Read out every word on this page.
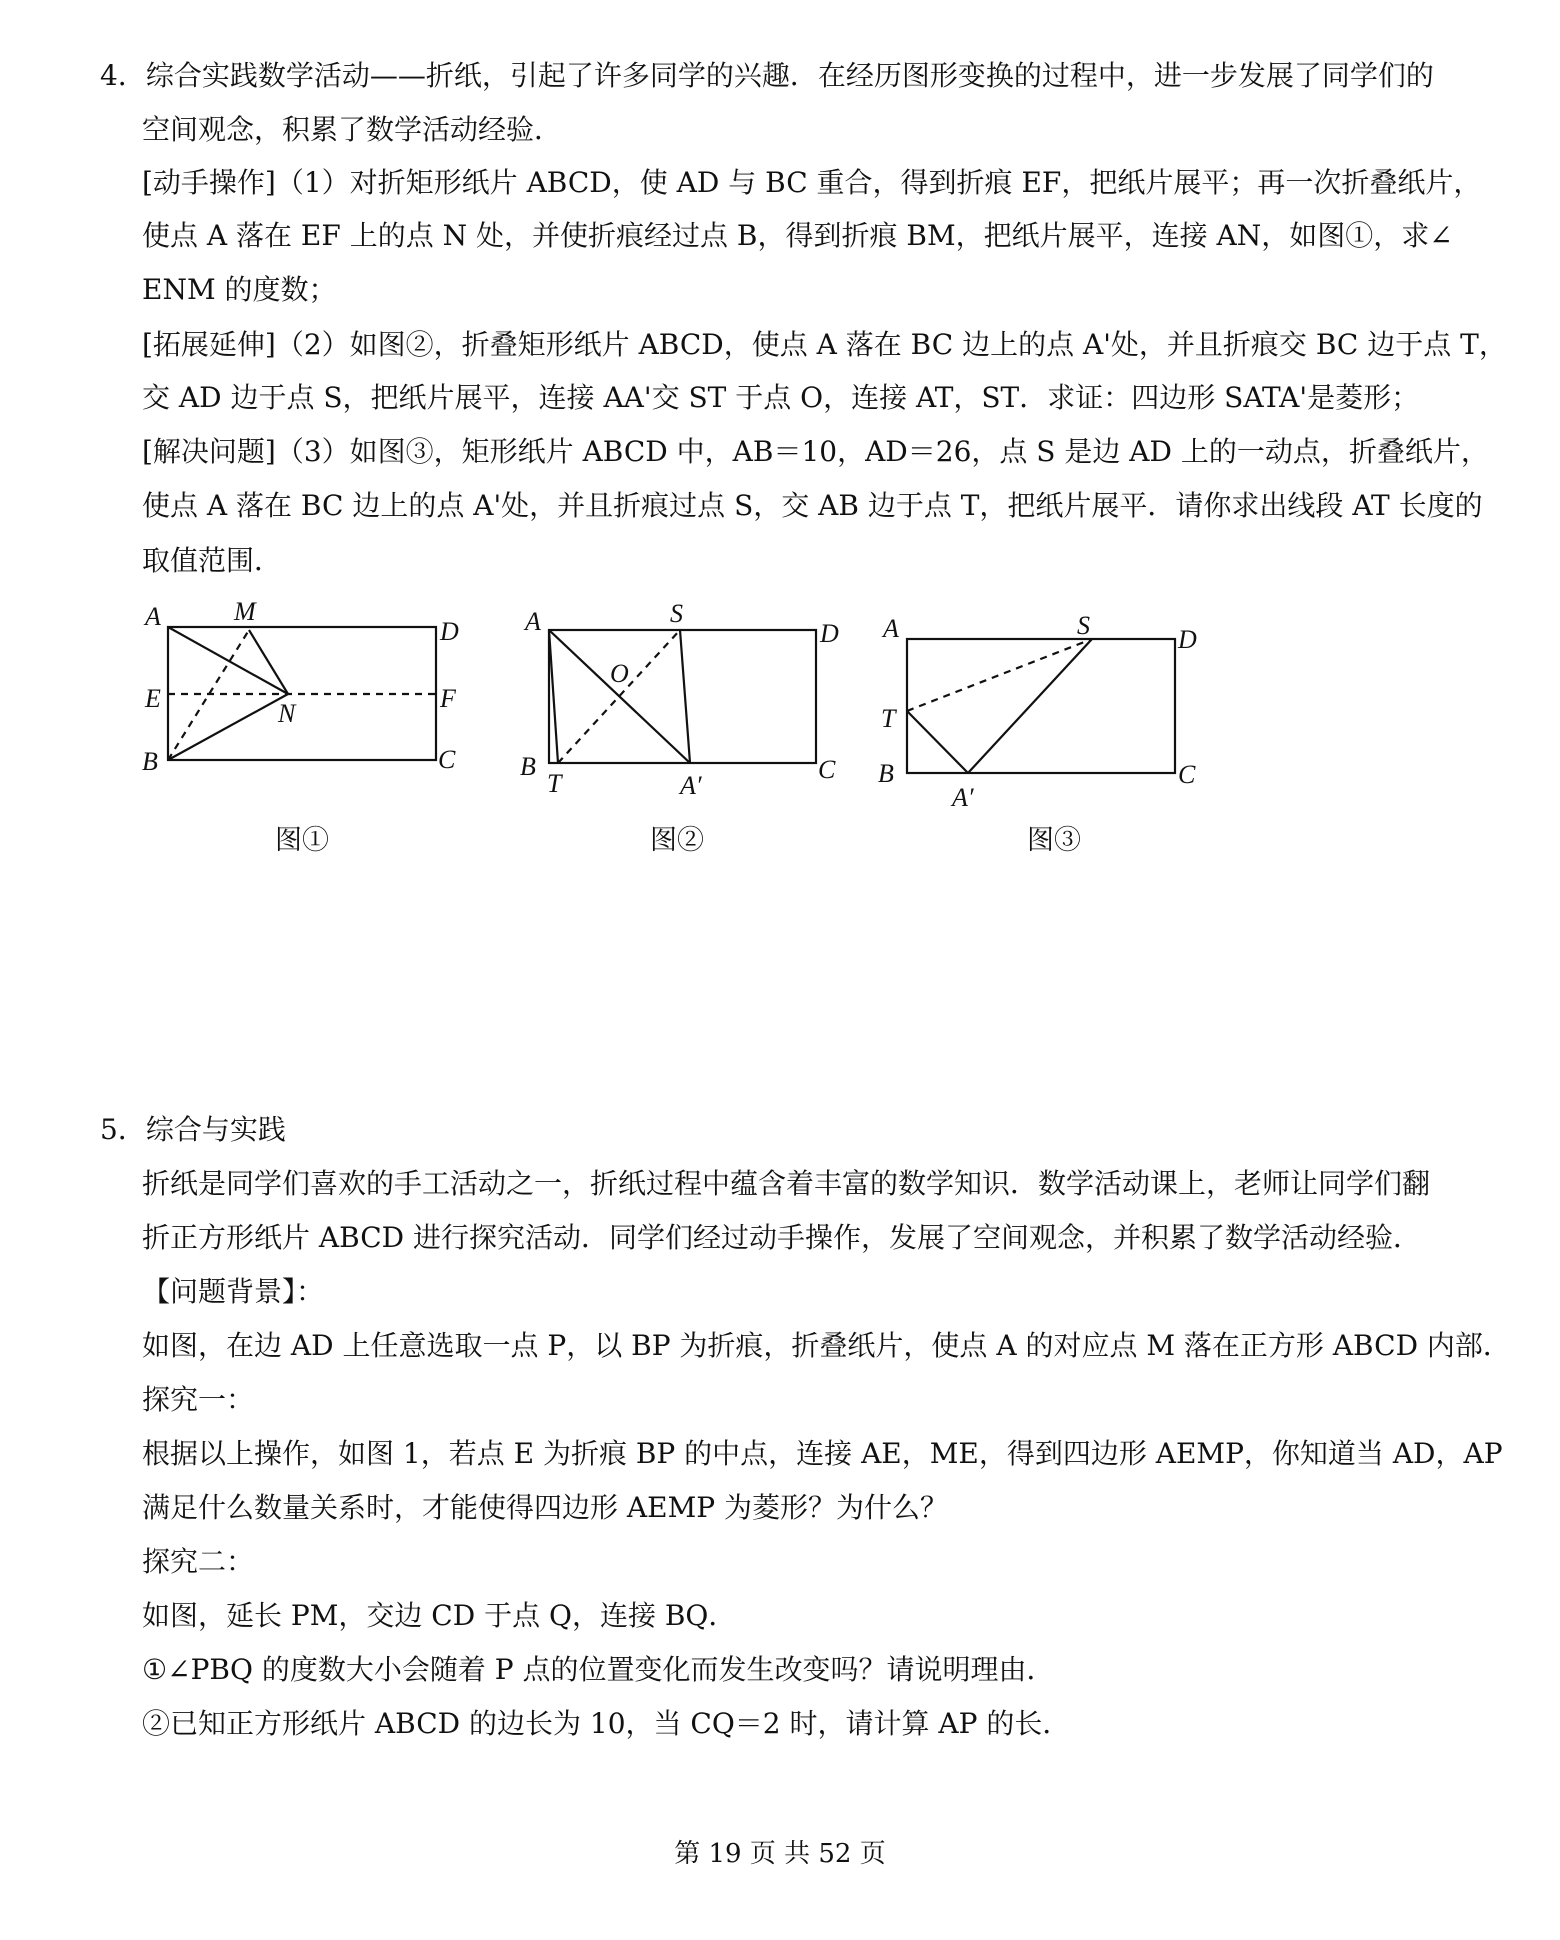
4．综合实践数学活动——折纸，引起了许多同学的兴趣．在经历图形变换的过程中，进一步发展了同学们的
空间观念，积累了数学活动经验．
[动手操作]（1）对折矩形纸片 ABCD，使 AD 与 BC 重合，得到折痕 EF，把纸片展平；再一次折叠纸片，
使点 A 落在 EF 上的点 N 处，并使折痕经过点 B，得到折痕 BM，把纸片展平，连接 AN，如图①，求∠
ENM 的度数；
[拓展延伸]（2）如图②，折叠矩形纸片 ABCD，使点 A 落在 BC 边上的点 A'处，并且折痕交 BC 边于点 T，
交 AD 边于点 S，把纸片展平，连接 AA'交 ST 于点 O，连接 AT，ST．求证：四边形 SATA'是菱形；
[解决问题]（3）如图③，矩形纸片 ABCD 中，AB＝10，AD＝26，点 S 是边 AD 上的一动点，折叠纸片，
使点 A 落在 BC 边上的点 A'处，并且折痕过点 S，交 AB 边于点 T，把纸片展平．请你求出线段 AT 长度的
取值范围．
A	M
D
E
N
F
B	C
A	S
D
O
B
T	A′
C
A	S	D
T
B
A′
C
图①	图②	图③
5．综合与实践
折纸是同学们喜欢的手工活动之一，折纸过程中蕴含着丰富的数学知识．数学活动课上，老师让同学们翻
折正方形纸片 ABCD 进行探究活动．同学们经过动手操作，发展了空间观念，并积累了数学活动经验．
【问题背景】：
如图，在边 AD 上任意选取一点 P，以 BP 为折痕，折叠纸片，使点 A 的对应点 M 落在正方形 ABCD 内部．
探究一：
根据以上操作，如图 1，若点 E 为折痕 BP 的中点，连接 AE，ME，得到四边形 AEMP，你知道当 AD，AP
满足什么数量关系时，才能使得四边形 AEMP 为菱形？为什么？
探究二：
如图，延长 PM，交边 CD 于点 Q，连接 BQ．
①∠PBQ 的度数大小会随着 P 点的位置变化而发生改变吗？请说明理由．
②已知正方形纸片 ABCD 的边长为 10，当 CQ＝2 时，请计算 AP 的长．
第 19 页 共 52 页
